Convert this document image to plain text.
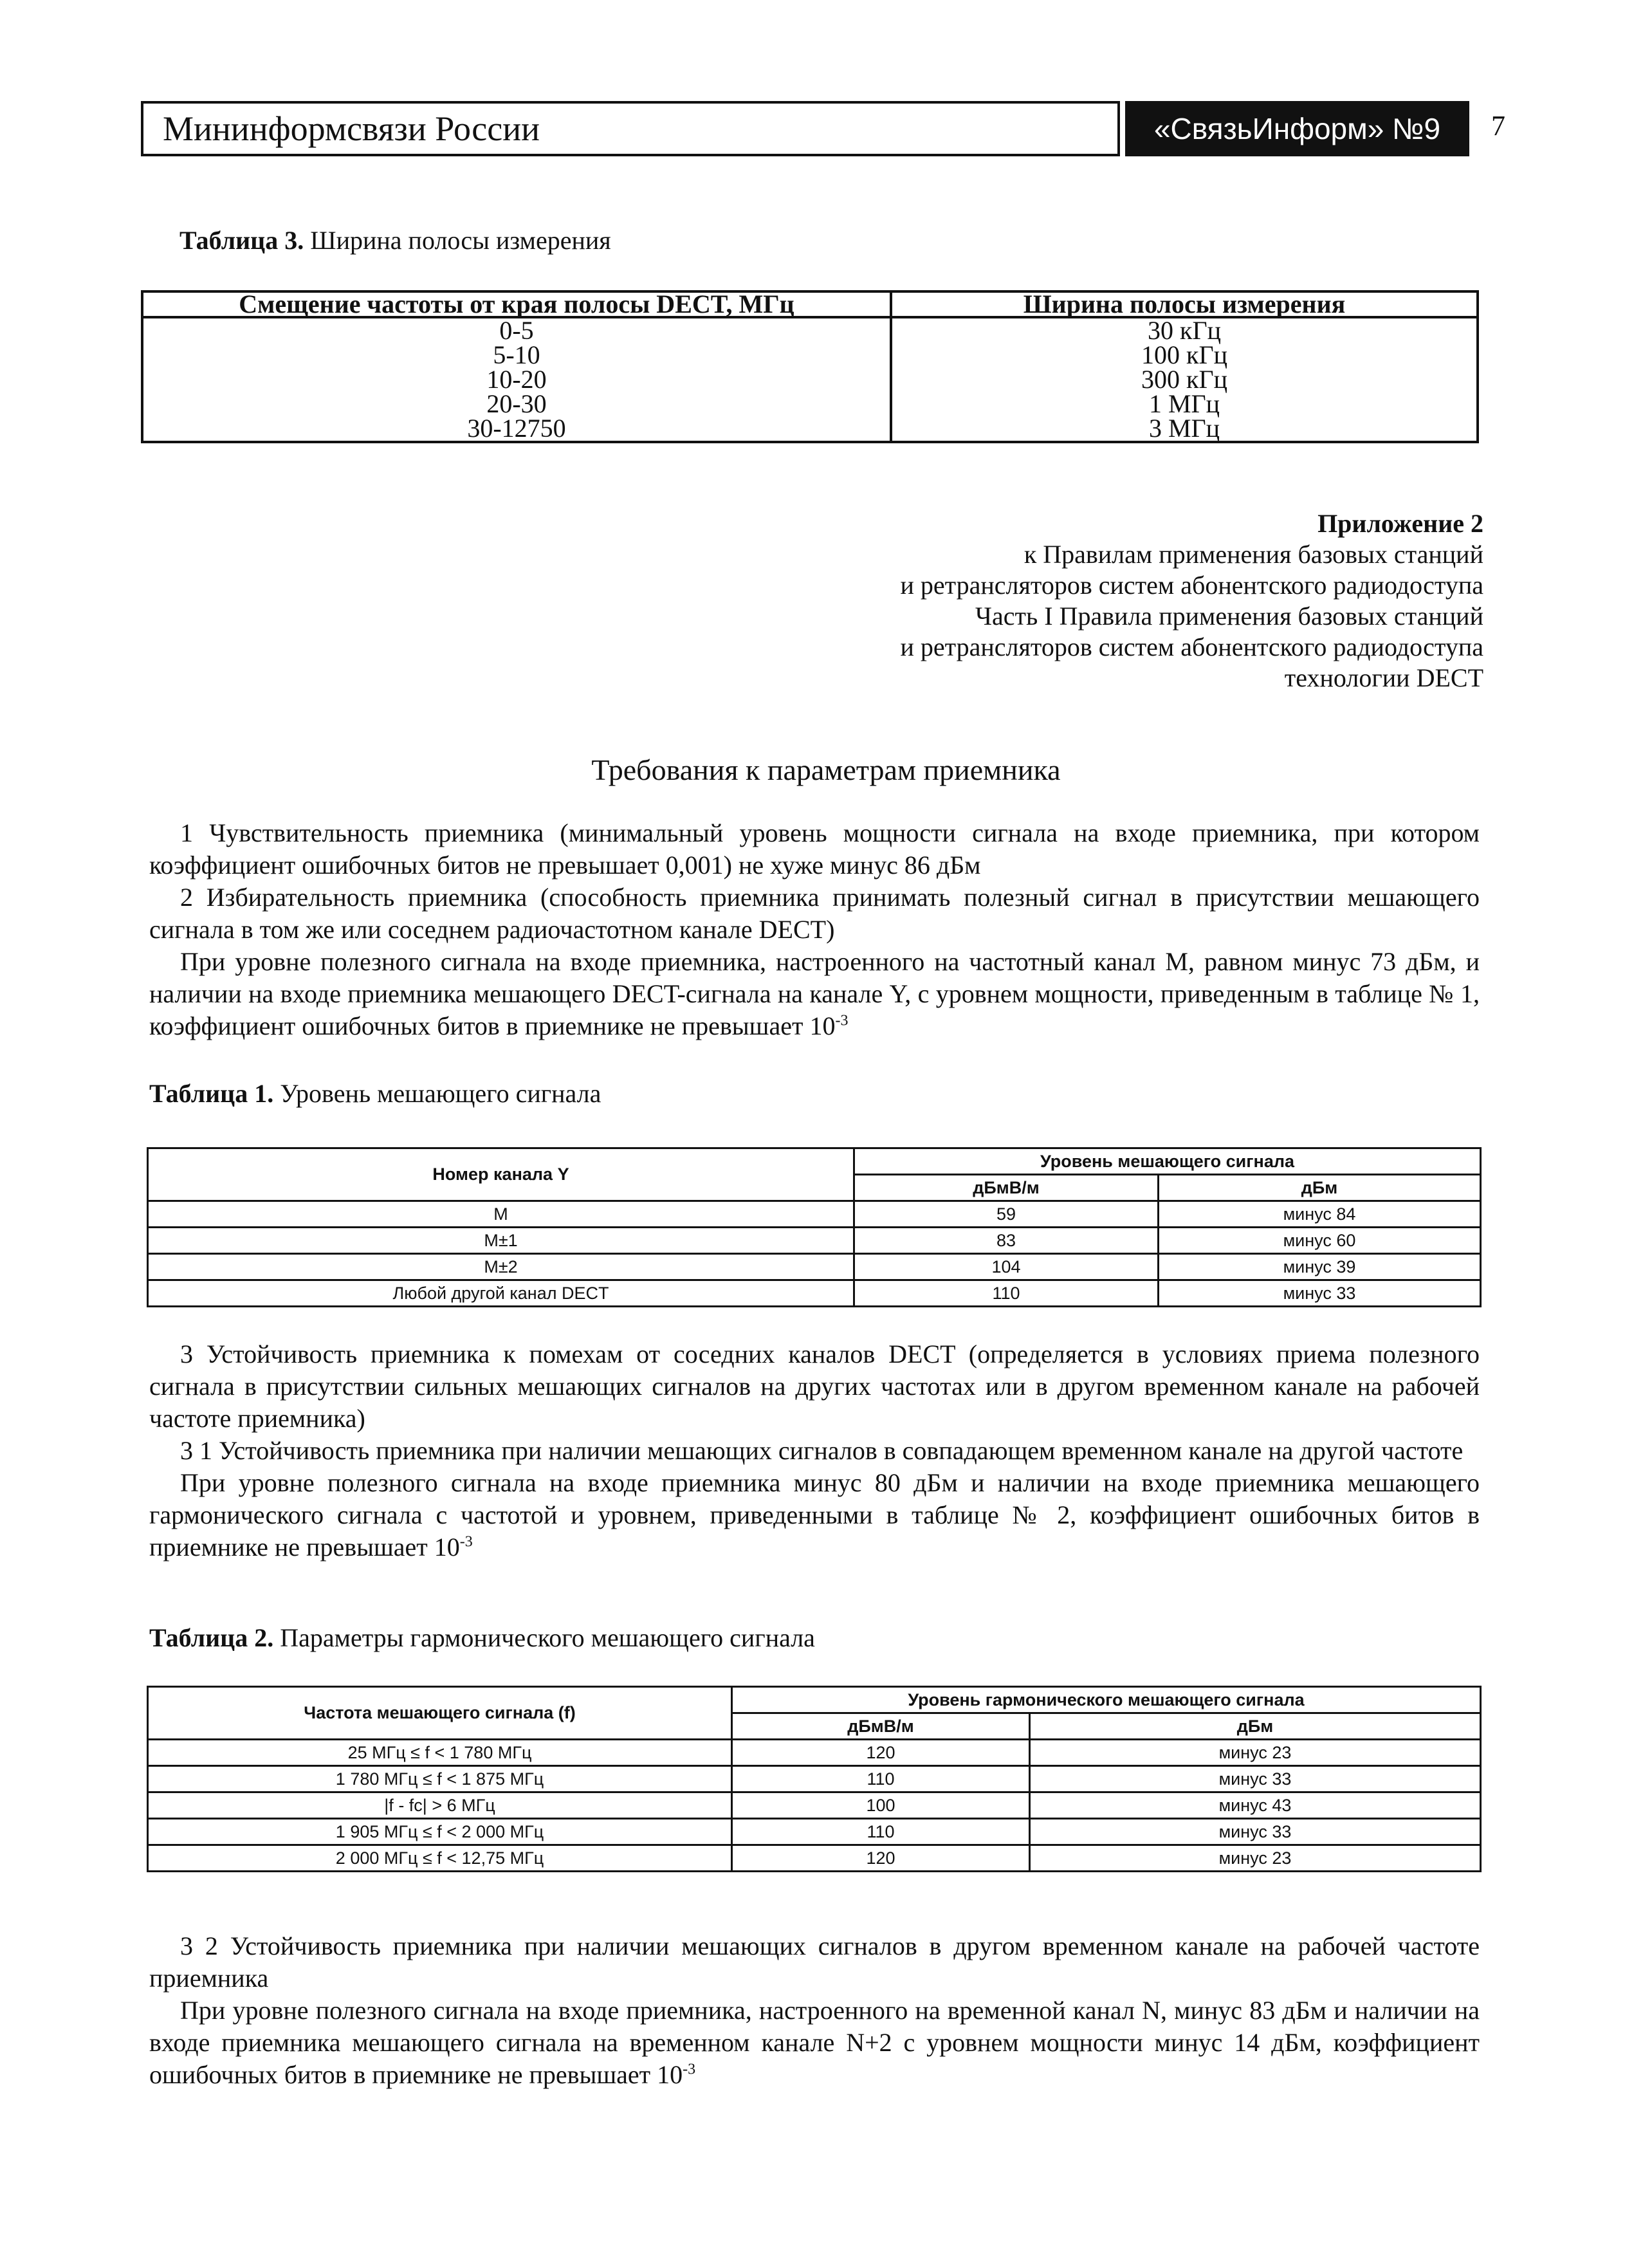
Мининформсвязи России	«СвязьИнформ» №9	7
Таблица 3. Ширина полосы измерения
Смещение частоты от края полосы DECT, МГц	Ширина полосы измерения
0-5	30 кГц
5-10	100 кГц
10-20	300 кГц
20-30	1 МГц
30-12750	3 МГц
Приложение 2
к Правилам применения базовых станций
и ретрансляторов систем абонентского радиодоступа
Часть I Правила применения базовых станций
и ретрансляторов систем абонентского радиодоступа
технологии DECT
Требования к параметрам приемника

1 Чувствительность приемника (минимальный уровень мощности сигнала на входе приемника, при котором коэффициент ошибочных битов не превышает 0,001) не хуже минус 86 дБм

2 Избирательность приемника (способность приемника принимать полезный сигнал в присутствии мешающего сигнала в том же или соседнем радиочастотном канале DECT)

При уровне полезного сигнала на входе приемника, настроенного на частотный канал М, равном минус 73 дБм, и наличии на входе приемника мешающего DECT-сигнала на канале Y, с уровнем мощности, приведенным в таблице № 1, коэффициент ошибочных битов в приемнике не превышает $10^{-3}$

Таблица 1. Уровень мешающего сигнала
Номер канала Y	Уровень мешающего сигнала	
	дБмВ/м	дБм
М	59	минус 84
М±1	83	минус 60
М±2	104	минус 39
Любой другой канал DECT	110	минус 33

3 Устойчивость приемника к помехам от соседних каналов DECT (определяется в условиях приема полезного сигнала в присутствии сильных мешающих сигналов на других частотах или в другом временном канале на рабочей частоте приемника)

3 1 Устойчивость приемника при наличии мешающих сигналов в совпадающем временном канале на другой частоте

При уровне полезного сигнала на входе приемника минус 80 дБм и наличии на входе приемника мешающего гармонического сигнала с частотой и уровнем, приведенными в таблице № 2, коэффициент ошибочных битов в приемнике не превышает $10^{-3}$

Таблица 2. Параметры гармонического мешающего сигнала
Частота мешающего сигнала (f)	Уровень гармонического мешающего сигнала	
	дБмВ/м	дБм
25 МГц ≤ f < 1 780 МГц	120	минус 23
1 780 МГц ≤ f < 1 875 МГц	110	минус 33
|f - fc| > 6 МГц	100	минус 43
1 905 МГц ≤ f < 2 000 МГц	110	минус 33
2 000 МГц ≤ f < 12,75 МГц	120	минус 23

3 2 Устойчивость приемника при наличии мешающих сигналов в другом временном канале на рабочей частоте приемника

При уровне полезного сигнала на входе приемника, настроенного на временной канал N, минус 83 дБм и наличии на входе приемника мешающего сигнала на временном канале N+2 с уровнем мощности минус 14 дБм, коэффициент ошибочных битов в приемнике не превышает $10^{-3}$
